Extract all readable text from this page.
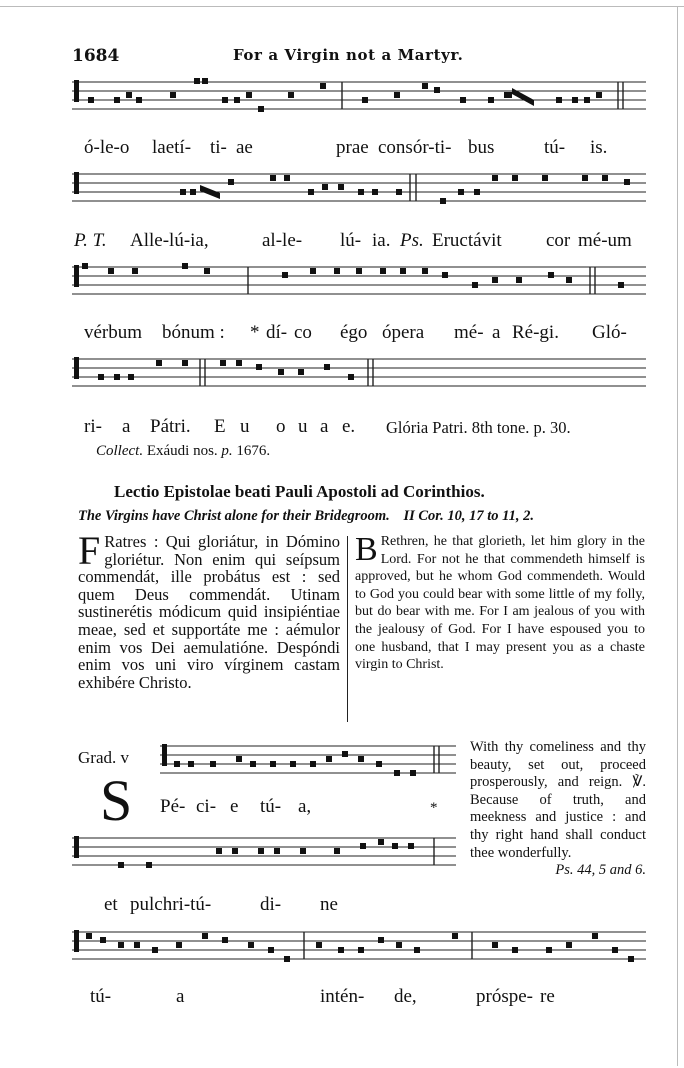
1684	For a Virgin not a Martyr.
ó-le-o laetí- ti- ae	prae consór-ti- bus	tú- is.
P. T. Alle-lú-ia,	al-le- lú- ia. Ps. Eructávit cor mé-um
vérbum bónum : * dí- co égo ópera mé- a Ré-gi. Gló-
ri- a Pátri. E u o u a e. Glória Patri. 8th tone. p. 30.
Collect. Exáudi nos. p. 1676.
Lectio Epistolae beati Pauli Apostoli ad Corinthios.
The Virgins have Christ alone for their Bridegroom. II Cor. 10, 17 to 11, 2.
F Ratres : Qui gloriátur, in Dómino gloriétur. Non enim qui seípsum commendát, ille probátus est : sed quem Deus commendát. Utinam sustinerétis módicum quid insipiéntiae meae, sed et supportáte me : aémulor enim vos Dei aemulatióne. Despóndi enim vos uni viro vírginem castam exhibére Christo.
B Rethren, he that glorieth, let him glory in the Lord. For not he that commendeth himself is approved, but he whom God commendeth. Would to God you could bear with some little of my folly, but do bear with me. For I am jealous of you with the jealousy of God. For I have espoused you to one husband, that I may present you as a chaste virgin to Christ.
Grad. v
S Pé- ci- e tú- a,	*
et pulchri-tú-	di- ne

With thy comeliness and thy beauty, set out, proceed prosperously, and reign. ℣. Because of truth, and meekness and justice : and thy right hand shall conduct thee wonderfully.

Ps. 44, 5 and 6.

tú-	a	intén- de,	próspe- re
